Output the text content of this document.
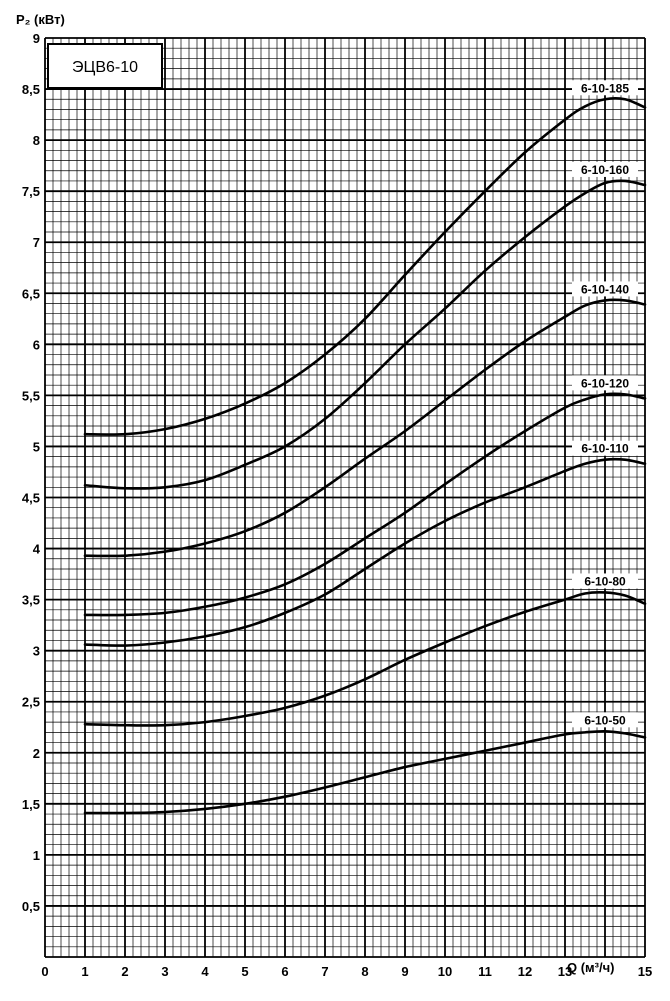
ЭЦВ6-10
6-10-185
6-10-160
6-10-140
6-10-120
6-10-110
6-10-80
6-10-50
0	1	2	3	4	5	6	7	8	9 10 11 12 13	15
9
8,5
8
7,5
7
6,5
6
5,5
5
4,5
4
3,5
3
2,5
2
1,5
1
0,5
P₂ (кВт)
Q (м³/ч)
